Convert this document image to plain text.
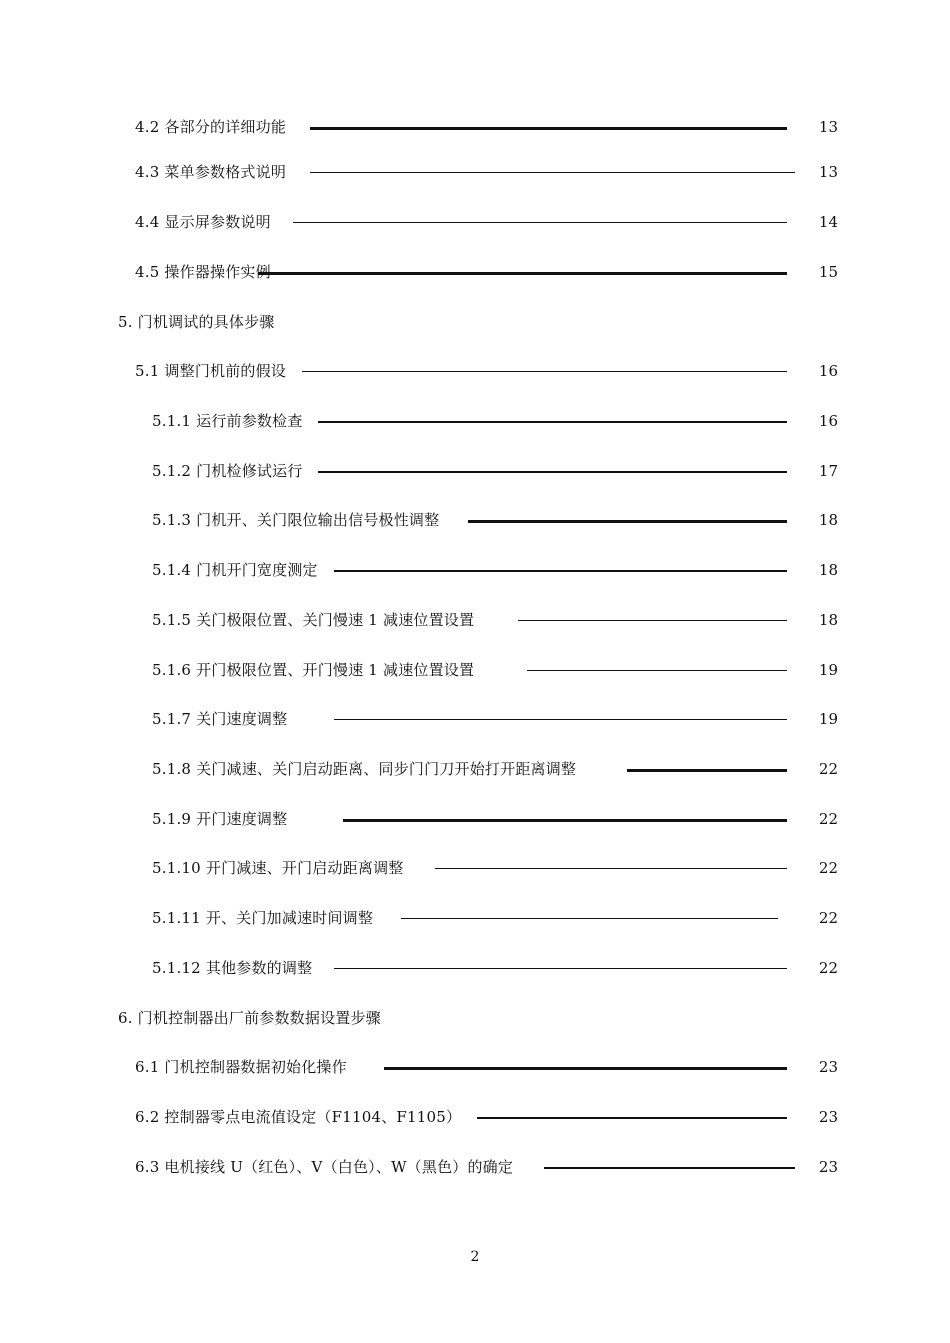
4.2 各部分的详细功能	13
4.3 菜单参数格式说明	13
4.4 显示屏参数说明	14
4.5 操作器操作实例	15
5. 门机调试的具体步骤
5.1 调整门机前的假设	16
5.1.1 运行前参数检查	16
5.1.2 门机检修试运行	17
5.1.3 门机开、关门限位输出信号极性调整	18
5.1.4 门机开门宽度测定	18
5.1.5 关门极限位置、关门慢速 1 减速位置设置	18
5.1.6 开门极限位置、开门慢速 1 减速位置设置	19
5.1.7 关门速度调整	19
5.1.8 关门减速、关门启动距离、同步门门刀开始打开距离调整	22
5.1.9 开门速度调整	22
5.1.10 开门减速、开门启动距离调整	22
5.1.11 开、关门加减速时间调整	22
5.1.12 其他参数的调整	22
6. 门机控制器出厂前参数数据设置步骤
6.1 门机控制器数据初始化操作	23
6.2 控制器零点电流值设定（F1104、F1105）	23
6.3 电机接线 U（红色）、V（白色）、W（黑色）的确定	23
2
